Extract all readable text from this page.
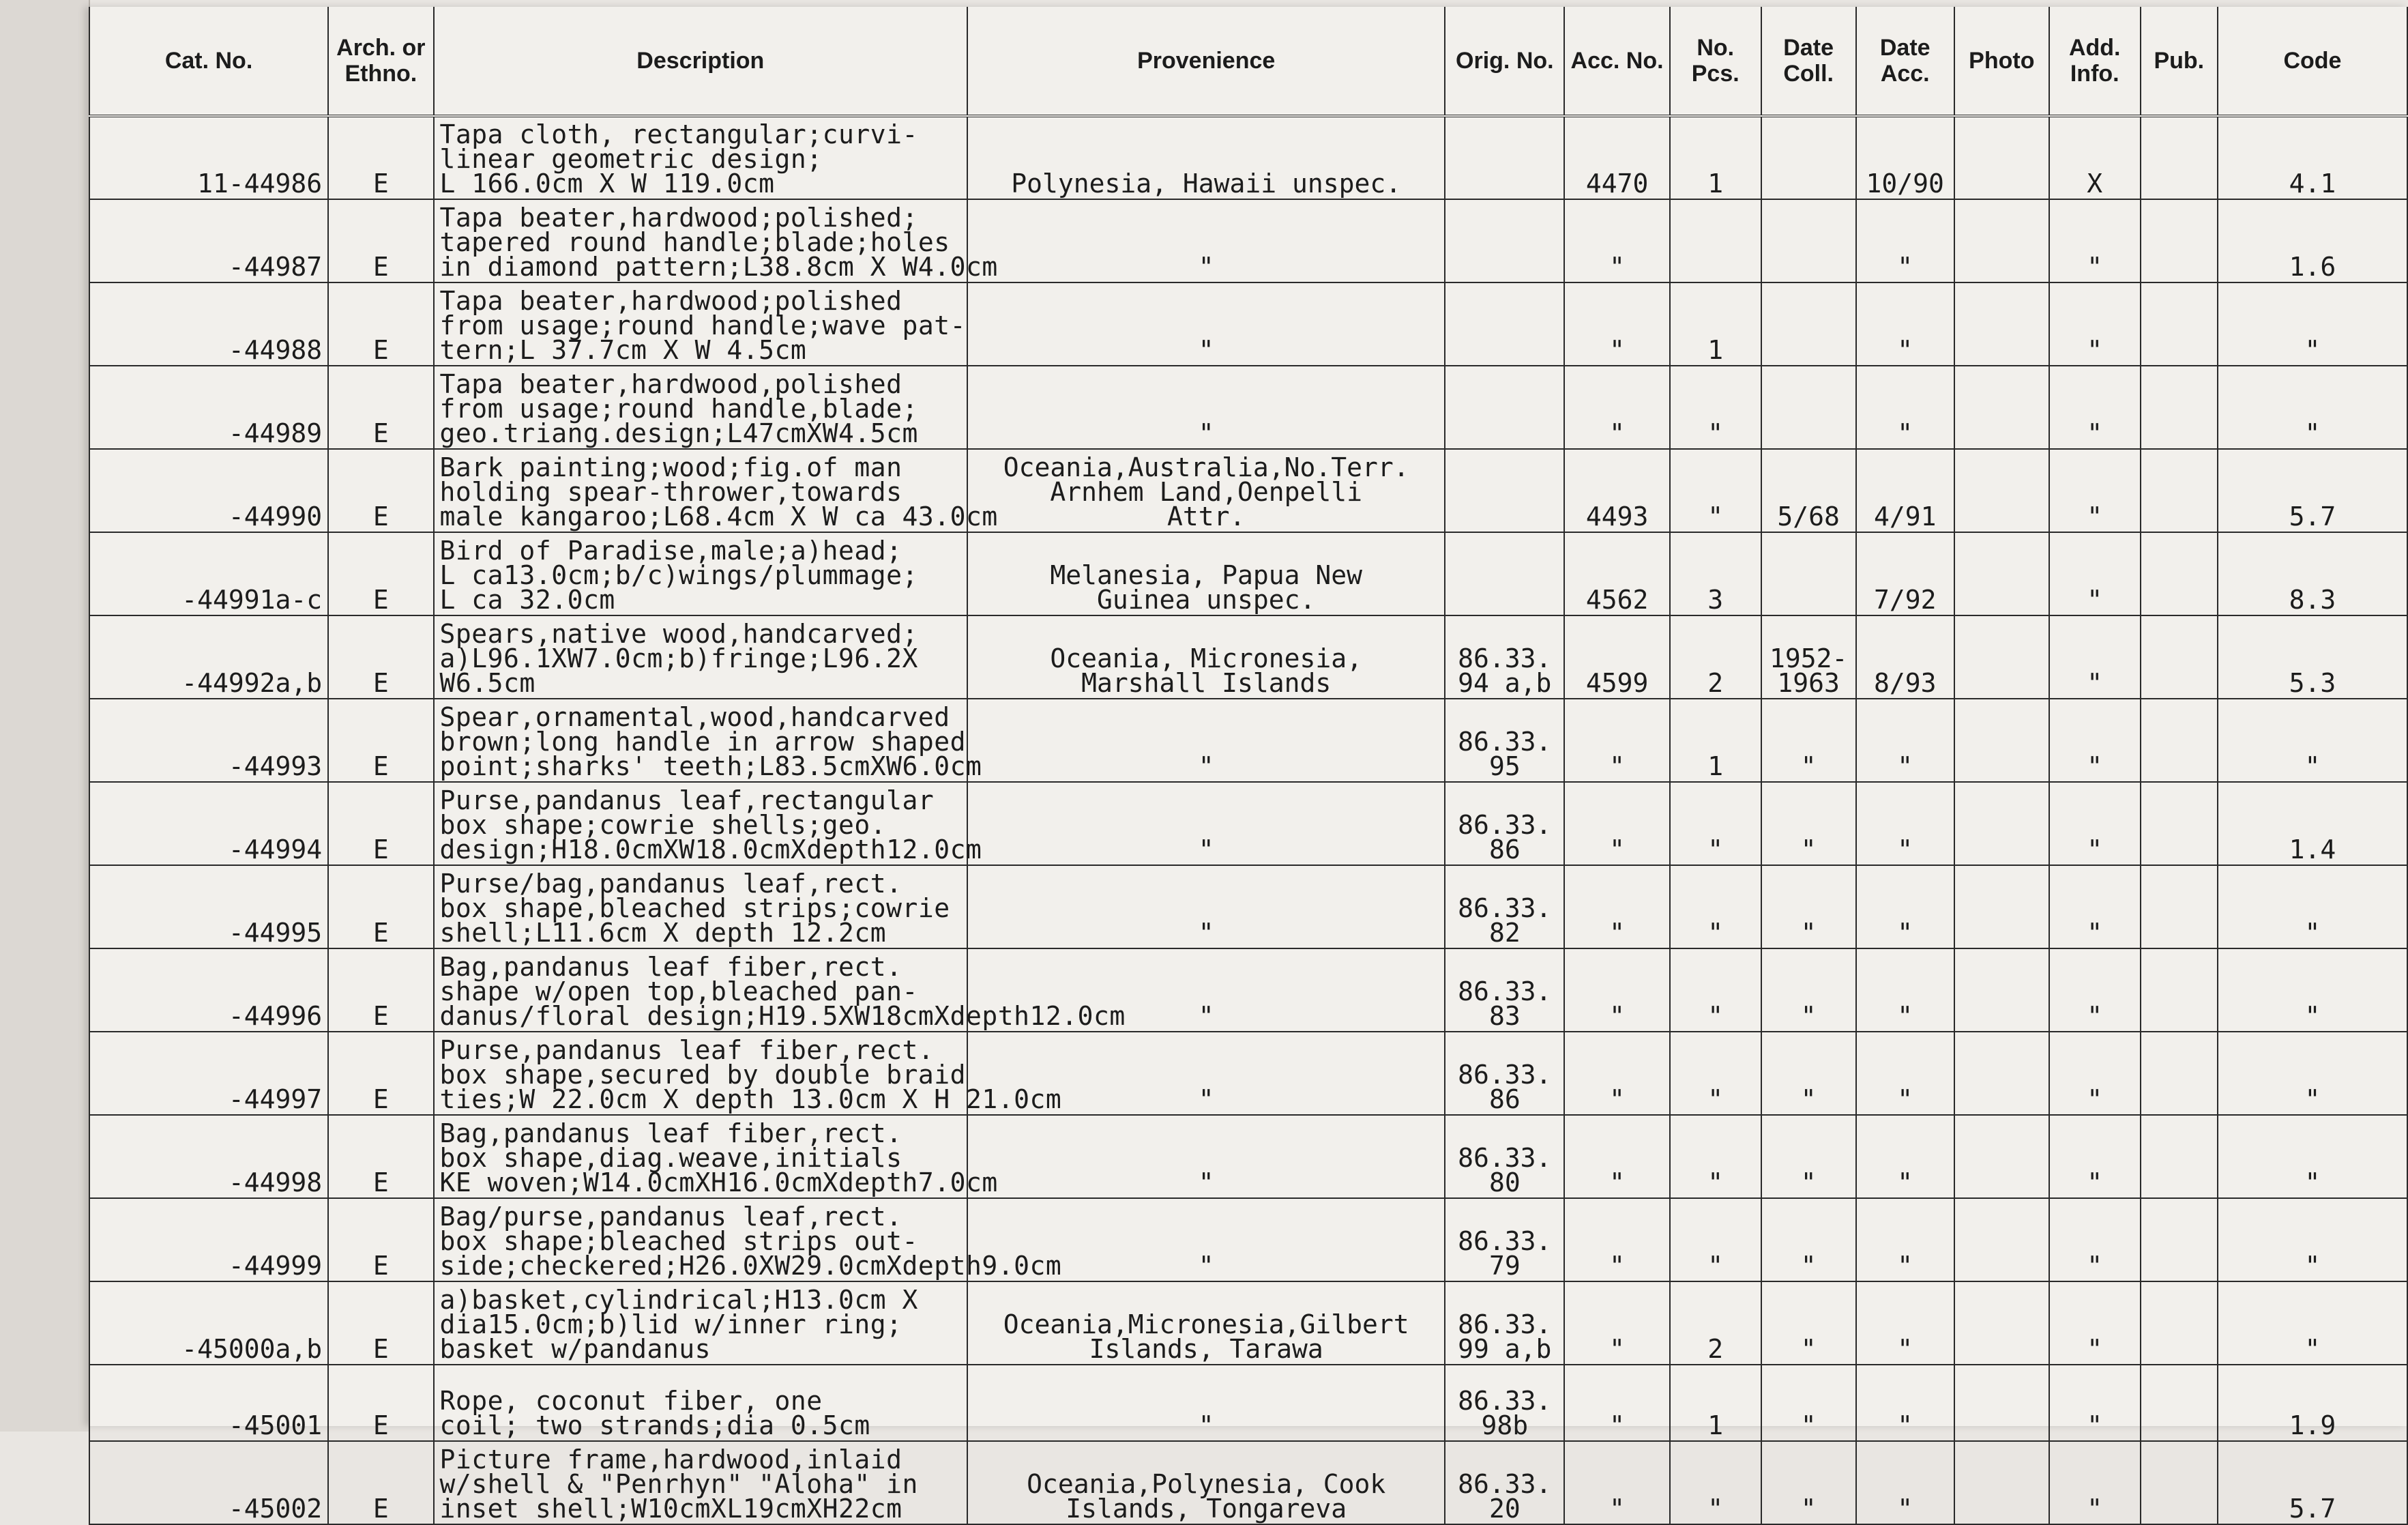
Cat. No.	Arch. or Ethno.	Description	Provenience	Orig. No.	Acc. No.	No. Pcs.	Date Coll.	Date Acc.	Photo	Add. Info.	Pub.	Code
11-44986	E	Tapa cloth, rectangular;curvi-
linear geometric design;
L 166.0cm X W 119.0cm	Polynesia, Hawaii unspec.		4470	1		10/90		X		4.1
-44987	E	Tapa beater,hardwood;polished;
tapered round handle;blade;holes
in diamond pattern;L38.8cm X W4.0cm	"		"			"		"		1.6
-44988	E	Tapa beater,hardwood;polished
from usage;round handle;wave pat-
tern;L 37.7cm X W 4.5cm	"		"	1		"		"		"
-44989	E	Tapa beater,hardwood,polished
from usage;round handle,blade;
geo.triang.design;L47cmXW4.5cm	"		"	"		"		"		"
-44990	E	Bark painting;wood;fig.of man
holding spear-thrower,towards
male kangaroo;L68.4cm X W ca 43.0cm	Oceania,Australia,No.Terr.
Arnhem Land,Oenpelli
Attr.		4493	"	5/68	4/91		"		5.7
-44991a-c	E	Bird of Paradise,male;a)head;
L ca13.0cm;b/c)wings/plummage;
L ca 32.0cm	Melanesia, Papua New
Guinea unspec.		4562	3		7/92		"		8.3
-44992a,b	E	Spears,native wood,handcarved;
a)L96.1XW7.0cm;b)fringe;L96.2X
W6.5cm	Oceania, Micronesia,
Marshall Islands	86.33.
94 a,b	4599	2	1952-1963	8/93		"		5.3
-44993	E	Spear,ornamental,wood,handcarved
brown;long handle in arrow shaped
point;sharks' teeth;L83.5cmXW6.0cm	"	86.33.
95	"	1	"	"		"		"
-44994	E	Purse,pandanus leaf,rectangular
box shape;cowrie shells;geo.
design;H18.0cmXW18.0cmXdepth12.0cm	"	86.33.
86	"	"	"	"		"		1.4
-44995	E	Purse/bag,pandanus leaf,rect.
box shape,bleached strips;cowrie
shell;L11.6cm X depth 12.2cm	"	86.33.
82	"	"	"	"		"		"
-44996	E	Bag,pandanus leaf fiber,rect.
shape w/open top,bleached pan-
danus/floral design;H19.5XW18cmXdepth12.0cm	"	86.33.
83	"	"	"	"		"		"
-44997	E	Purse,pandanus leaf fiber,rect.
box shape,secured by double braid
ties;W 22.0cm X depth 13.0cm X H 21.0cm	"	86.33.
86	"	"	"	"		"		"
-44998	E	Bag,pandanus leaf fiber,rect.
box shape,diag.weave,initials
KE woven;W14.0cmXH16.0cmXdepth7.0cm	"	86.33.
80	"	"	"	"		"		"
-44999	E	Bag/purse,pandanus leaf,rect.
box shape;bleached strips out-
side;checkered;H26.0XW29.0cmXdepth9.0cm	"	86.33.
79	"	"	"	"		"		"
-45000a,b	E	a)basket,cylindrical;H13.0cm X
dia15.0cm;b)lid w/inner ring;
basket w/pandanus	Oceania,Micronesia,Gilbert
Islands, Tarawa	86.33.
99 a,b	"	2	"	"		"		"
-45001	E	Rope, coconut fiber, one
coil; two strands;dia 0.5cm	"	86.33.
98b	"	1	"	"		"		1.9
-45002	E	Picture frame,hardwood,inlaid
w/shell & "Penrhyn" "Aloha" in
inset shell;W10cmXL19cmXH22cm	Oceania,Polynesia, Cook
Islands, Tongareva	86.33.
20	"	"	"	"		"		5.7
